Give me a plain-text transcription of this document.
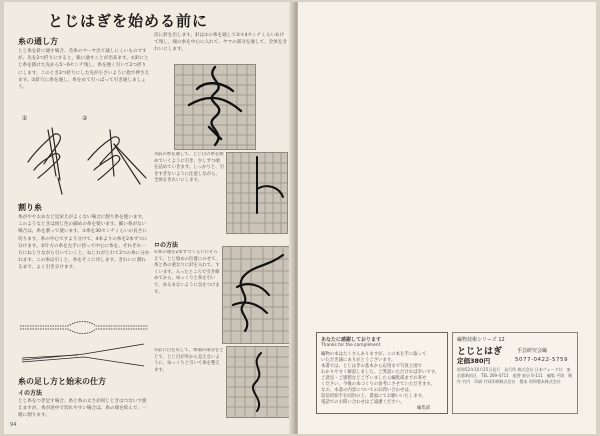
とじはぎを始める前に
糸の通し方
とじ糸を針に通す場合、毛糸のマーヤ出て通しにくいものですが、先を2つ折りにすると、楽に通すことが出来ます。①針にとじ糸を掛けた先から5〜6センチ残し、糸を強く引いて2つ折りにします。このとき2つ折りにした先が小さいように指で押さえます。②針穴に糸を通し、糸をめて引っぱって引き通しましょう。
①	②
割り糸
糸がやや太めなど見栄えがよくない場合に割り糸を使います。このようなときは同じ色の細めの糸を使います。細い糸がない場合は、糸を割って使います。①糸を30センチくらいの長さに切ります。糸の中心ですより分けて、4本よりの糸を2本ずつに分けます。②片方の糸を左手に持って中心に糸を、それぞれ一方にねじりながら引いていくと、ねじれがとれて2つの糸に分かれます。この糸は引くと、糸をそこに戻します。きれいに割れるまで、よく引き分けます。
糸の足し方と始末の仕方
イの方法
とじ糸をつぎ足す場合、糸と糸の太さが同じときはつないで使えますが、糸が途中で切れやすい場合は、糸の端を結んで、一緒に割ります。
次に針を出します。針は①の糸を通して②＊4センチくらいあけて残し、端の糸を中心に入れて、ヤマの部分を通して、全体をきれいにします。
③前の糸を通して、とじ目の糸を緩めていくように引き、少しずつ端を詰めていきます。しっかりと、引きすぎないように注意しながら、全体をきれいにします。
ロの方法
①糸の端を2本ずつくらいにそろえて、とじ始めの位置にのせて、糸と糸の重なりに針を入れて、すくいます。入ったところで引き締めてから、ゆっくりと糸を引いて、ゆるまないように気をつけます。
②前に目を戻して、糸端の部分をとじて、とじ目が外から見えないように、ゆっくりと引いて糸を整えます。
94
あなたに感謝しております
Thanks for the compliment
編物の本はたくさんありますが、この本を手に取って
いただき誠にありがとうございます。
本書では、とじはぎの基本から応用まで写真と図で
わかりやすく解説しました。ご愛読いただければ幸いです。
ご意見・ご感想などございましたら編集部までお寄せ
ください。今後の本づくりの参考にさせていただきます。
なお、本書の内容についてのお問い合わせは、
返信用切手を同封の上、書面にてお願いいたします。
電話でのお問い合わせはご遠慮ください。
編集部
編物技術シリーズ 12
とじとはぎ	手芸研究会編
定価380円	5077-0422-5759
昭和52年10月25日発行　発行所 株式会社 日本ヴォーグ社　東京都新宿区　TEL 269-4711　振替 東京 6-111　編集 平岡　制作 竹内　印刷 共同印刷株式会社　製本 明和製本株式会社
